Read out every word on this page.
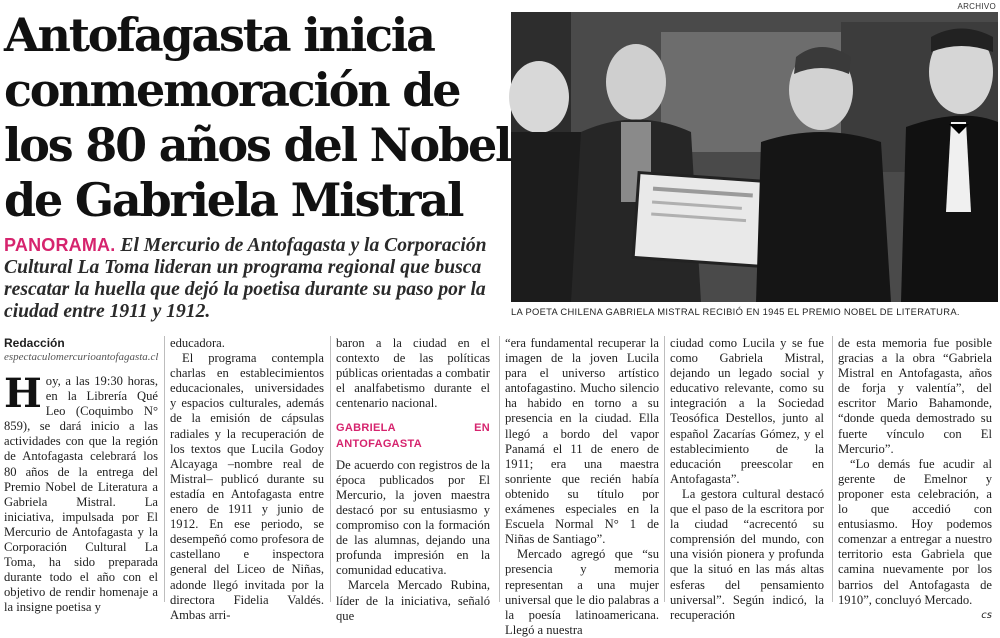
Antofagasta inicia
conmemoración de
los 80 años del Nobel
de Gabriela Mistral
PANORAMA. El Mercurio de Antofagasta y la Corporación Cultural La Toma lideran un programa regional que busca rescatar la huella que dejó la poetisa durante su paso por la ciudad entre 1911 y 1912.
ARCHIVO
LA POETA CHILENA GABRIELA MISTRAL RECIBIÓ EN 1945 EL PREMIO NOBEL DE LITERATURA.
Redacción
espectaculomercurioantofagasta.cl

H oy, a las 19:30 horas, en la Librería Qué Leo (Coquimbo N° 859), se dará inicio a las actividades con que la región de Antofagasta celebrará los 80 años de la entrega del Premio Nobel de Literatura a Gabriela Mistral. La iniciativa, impulsada por El Mercurio de Antofagasta y la Corporación Cultural La Toma, ha sido preparada durante todo el año con el objetivo de rendir homenaje a la insigne poetisa y

educadora.

El programa contempla charlas en establecimientos educacionales, universidades y espacios culturales, además de la emisión de cápsulas radiales y la recuperación de los textos que Lucila Godoy Alcayaga –nombre real de Mistral– publicó durante su estadía en Antofagasta entre enero de 1911 y junio de 1912. En ese periodo, se desempeñó como profesora de castellano e inspectora general del Liceo de Niñas, adonde llegó invitada por la directora Fidelia Valdés. Ambas arri-

baron a la ciudad en el contexto de las políticas públicas orientadas a combatir el analfabetismo durante el centenario nacional.

GABRIELA EN ANTOFAGASTA

De acuerdo con registros de la época publicados por El Mercurio, la joven maestra destacó por su entusiasmo y compromiso con la formación de las alumnas, dejando una profunda impresión en la comunidad educativa.

Marcela Mercado Rubina, líder de la iniciativa, señaló que

“era fundamental recuperar la imagen de la joven Lucila para el universo artístico antofagastino. Mucho silencio ha habido en torno a su presencia en la ciudad. Ella llegó a bordo del vapor Panamá el 11 de enero de 1911; era una maestra sonriente que recién había obtenido su título por exámenes especiales en la Escuela Normal N° 1 de Niñas de Santiago”.

Mercado agregó que “su presencia y memoria representan a una mujer universal que le dio palabras a la poesía latinoamericana. Llegó a nuestra

ciudad como Lucila y se fue como Gabriela Mistral, dejando un legado social y educativo relevante, como su integración a la Sociedad Teosófica Destellos, junto al español Zacarías Gómez, y el establecimiento de la educación preescolar en Antofagasta”.

La gestora cultural destacó que el paso de la escritora por la ciudad “acrecentó su comprensión del mundo, con una visión pionera y profunda que la situó en las más altas esferas del pensamiento universal”. Según indicó, la recuperación

de esta memoria fue posible gracias a la obra “Gabriela Mistral en Antofagasta, años de forja y valentía”, del escritor Mario Bahamonde, “donde queda demostrado su fuerte vínculo con El Mercurio”.

“Lo demás fue acudir al gerente de Emelnor y proponer esta celebración, a lo que accedió con entusiasmo. Hoy podemos comenzar a entregar a nuestro territorio esta Gabriela que camina nuevamente por los barrios del Antofagasta de 1910”, concluyó Mercado.

cs
